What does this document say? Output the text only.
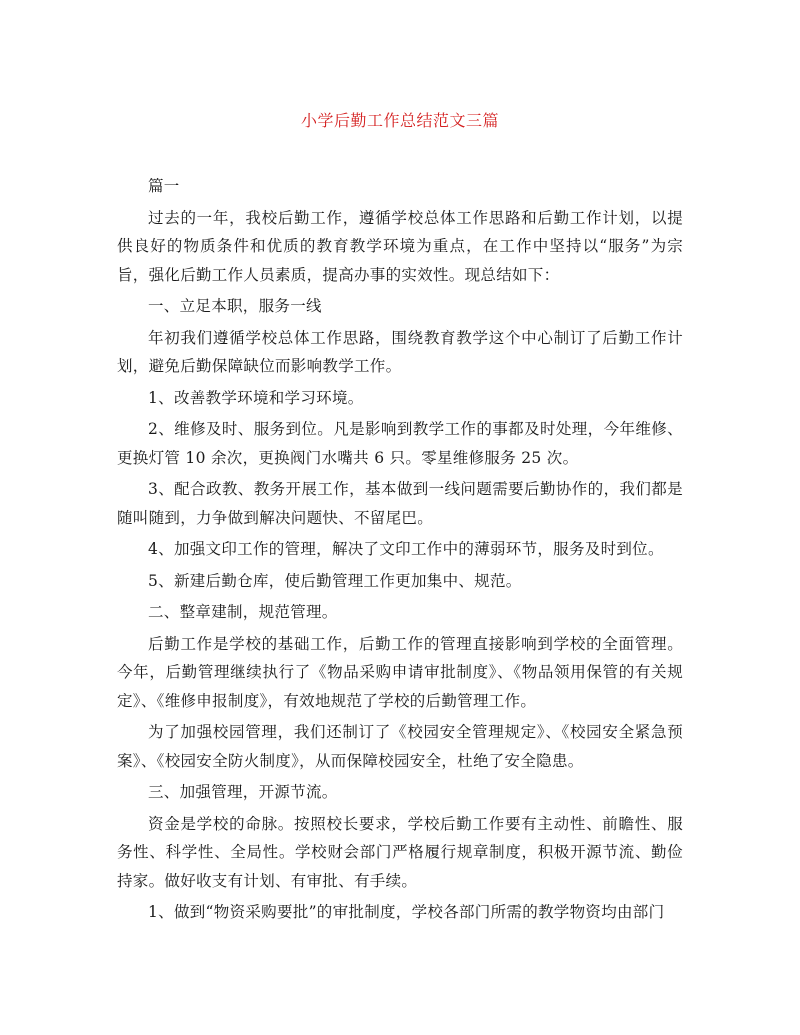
小学后勤工作总结范文三篇

篇一

过去的一年，我校后勤工作，遵循学校总体工作思路和后勤工作计划，以提供良好的物质条件和优质的教育教学环境为重点，在工作中坚持以“服务”为宗旨，强化后勤工作人员素质，提高办事的实效性。现总结如下：

一、立足本职，服务一线

年初我们遵循学校总体工作思路，围绕教育教学这个中心制订了后勤工作计划，避免后勤保障缺位而影响教学工作。

1、改善教学环境和学习环境。

2、维修及时、服务到位。凡是影响到教学工作的事都及时处理，今年维修、更换灯管 10 余次，更换阀门水嘴共 6 只。零星维修服务 25 次。

3、配合政教、教务开展工作，基本做到一线问题需要后勤协作的，我们都是随叫随到，力争做到解决问题快、不留尾巴。

4、加强文印工作的管理，解决了文印工作中的薄弱环节，服务及时到位。

5、新建后勤仓库，使后勤管理工作更加集中、规范。

二、整章建制，规范管理。

后勤工作是学校的基础工作，后勤工作的管理直接影响到学校的全面管理。今年，后勤管理继续执行了《物品采购申请审批制度》、《物品领用保管的有关规定》、《维修申报制度》，有效地规范了学校的后勤管理工作。

为了加强校园管理，我们还制订了《校园安全管理规定》、《校园安全紧急预案》、《校园安全防火制度》，从而保障校园安全，杜绝了安全隐患。

三、加强管理，开源节流。

资金是学校的命脉。按照校长要求，学校后勤工作要有主动性、前瞻性、服务性、科学性、全局性。学校财会部门严格履行规章制度，积极开源节流、勤俭持家。做好收支有计划、有审批、有手续。

1、做到“物资采购要批”的审批制度，学校各部门所需的教学物资均由部门
